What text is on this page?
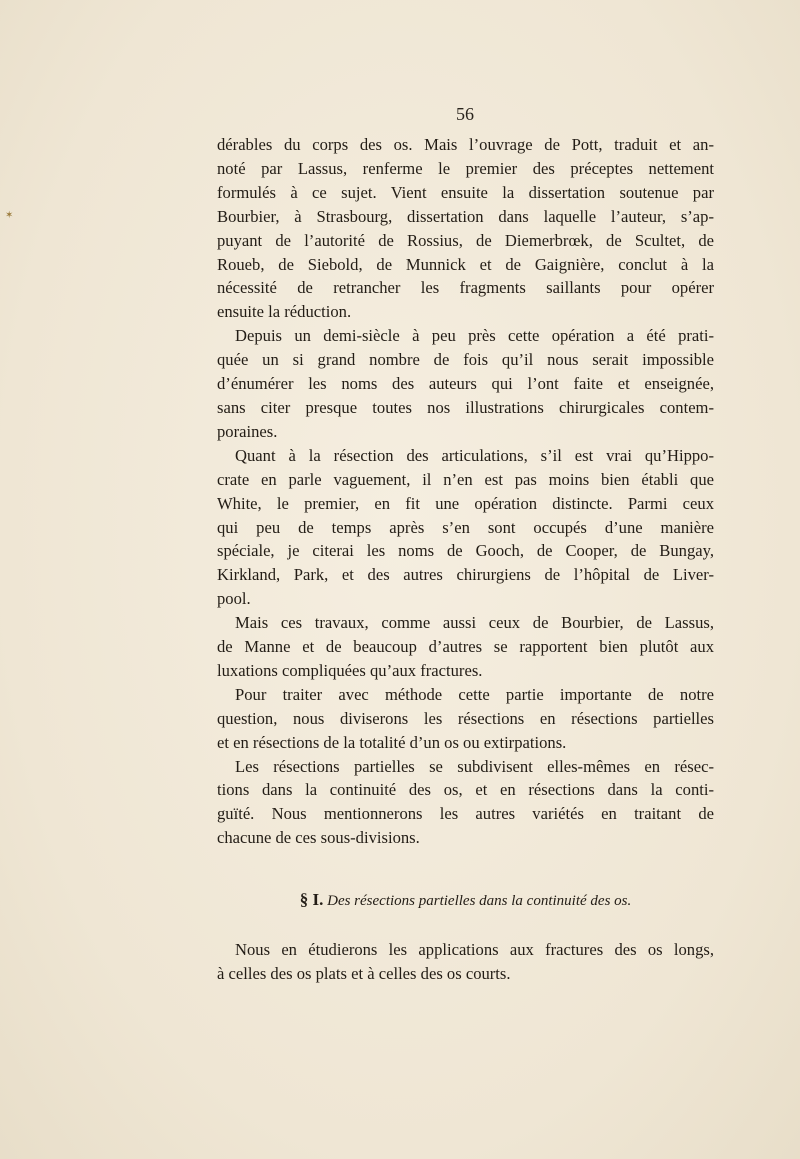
56
dérables du corps des os. Mais l’ouvrage de Pott, traduit et an-
noté par Lassus, renferme le premier des préceptes nettement
formulés à ce sujet. Vient ensuite la dissertation soutenue par
Bourbier, à Strasbourg, dissertation dans laquelle l’auteur, s’ap-
puyant de l’autorité de Rossius, de Diemerbrœk, de Scultet, de
Roueb, de Siebold, de Munnick et de Gaignière, conclut à la
nécessité de retrancher les fragments saillants pour opérer
ensuite la réduction.
Depuis un demi-siècle à peu près cette opération a été prati-
quée un si grand nombre de fois qu’il nous serait impossible
d’énumérer les noms des auteurs qui l’ont faite et enseignée,
sans citer presque toutes nos illustrations chirurgicales contem-
poraines.
Quant à la résection des articulations, s’il est vrai qu’Hippo-
crate en parle vaguement, il n’en est pas moins bien établi que
White, le premier, en fit une opération distincte. Parmi ceux
qui peu de temps après s’en sont occupés d’une manière
spéciale, je citerai les noms de Gooch, de Cooper, de Bungay,
Kirkland, Park, et des autres chirurgiens de l’hôpital de Liver-
pool.
Mais ces travaux, comme aussi ceux de Bourbier, de Lassus,
de Manne et de beaucoup d’autres se rapportent bien plutôt aux
luxations compliquées qu’aux fractures.
Pour traiter avec méthode cette partie importante de notre
question, nous diviserons les résections en résections partielles
et en résections de la totalité d’un os ou extirpations.
Les résections partielles se subdivisent elles-mêmes en résec-
tions dans la continuité des os, et en résections dans la conti-
guïté. Nous mentionnerons les autres variétés en traitant de
chacune de ces sous-divisions.
§ I. Des résections partielles dans la continuité des os.
Nous en étudierons les applications aux fractures des os longs,
à celles des os plats et à celles des os courts.
✶
